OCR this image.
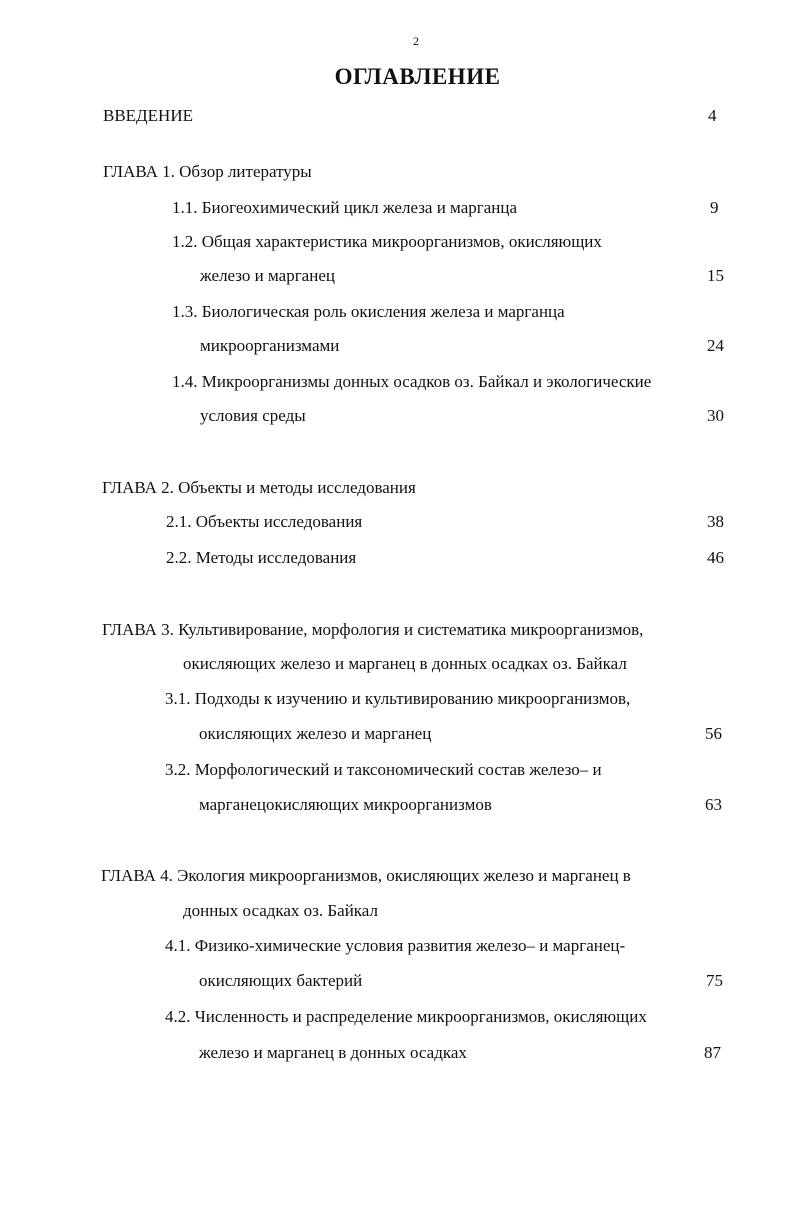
2
ОГЛАВЛЕНИЕ
ВВЕДЕНИЕ	4
ГЛАВА 1. Обзор литературы
1.1. Биогеохимический цикл железа и марганца	9
1.2. Общая характеристика микроорганизмов, окисляющих
железо и марганец	15
1.3. Биологическая роль окисления железа и марганца
микроорганизмами	24
1.4. Микроорганизмы донных осадков оз. Байкал и экологические
условия среды	30
ГЛАВА 2. Объекты и методы исследования
2.1. Объекты исследования	38
2.2. Методы исследования	46
ГЛАВА 3. Культивирование, морфология и систематика микроорганизмов,
окисляющих железо и марганец в донных осадках оз. Байкал
3.1. Подходы к изучению и культивированию микроорганизмов,
окисляющих железо и марганец	56
3.2. Морфологический и таксономический состав железо– и
марганецокисляющих микроорганизмов	63
ГЛАВА 4. Экология микроорганизмов, окисляющих железо и марганец в
донных осадках оз. Байкал
4.1. Физико-химические условия развития железо– и марганец-
окисляющих бактерий	75
4.2. Численность и распределение микроорганизмов, окисляющих
железо и марганец в донных осадках	87
